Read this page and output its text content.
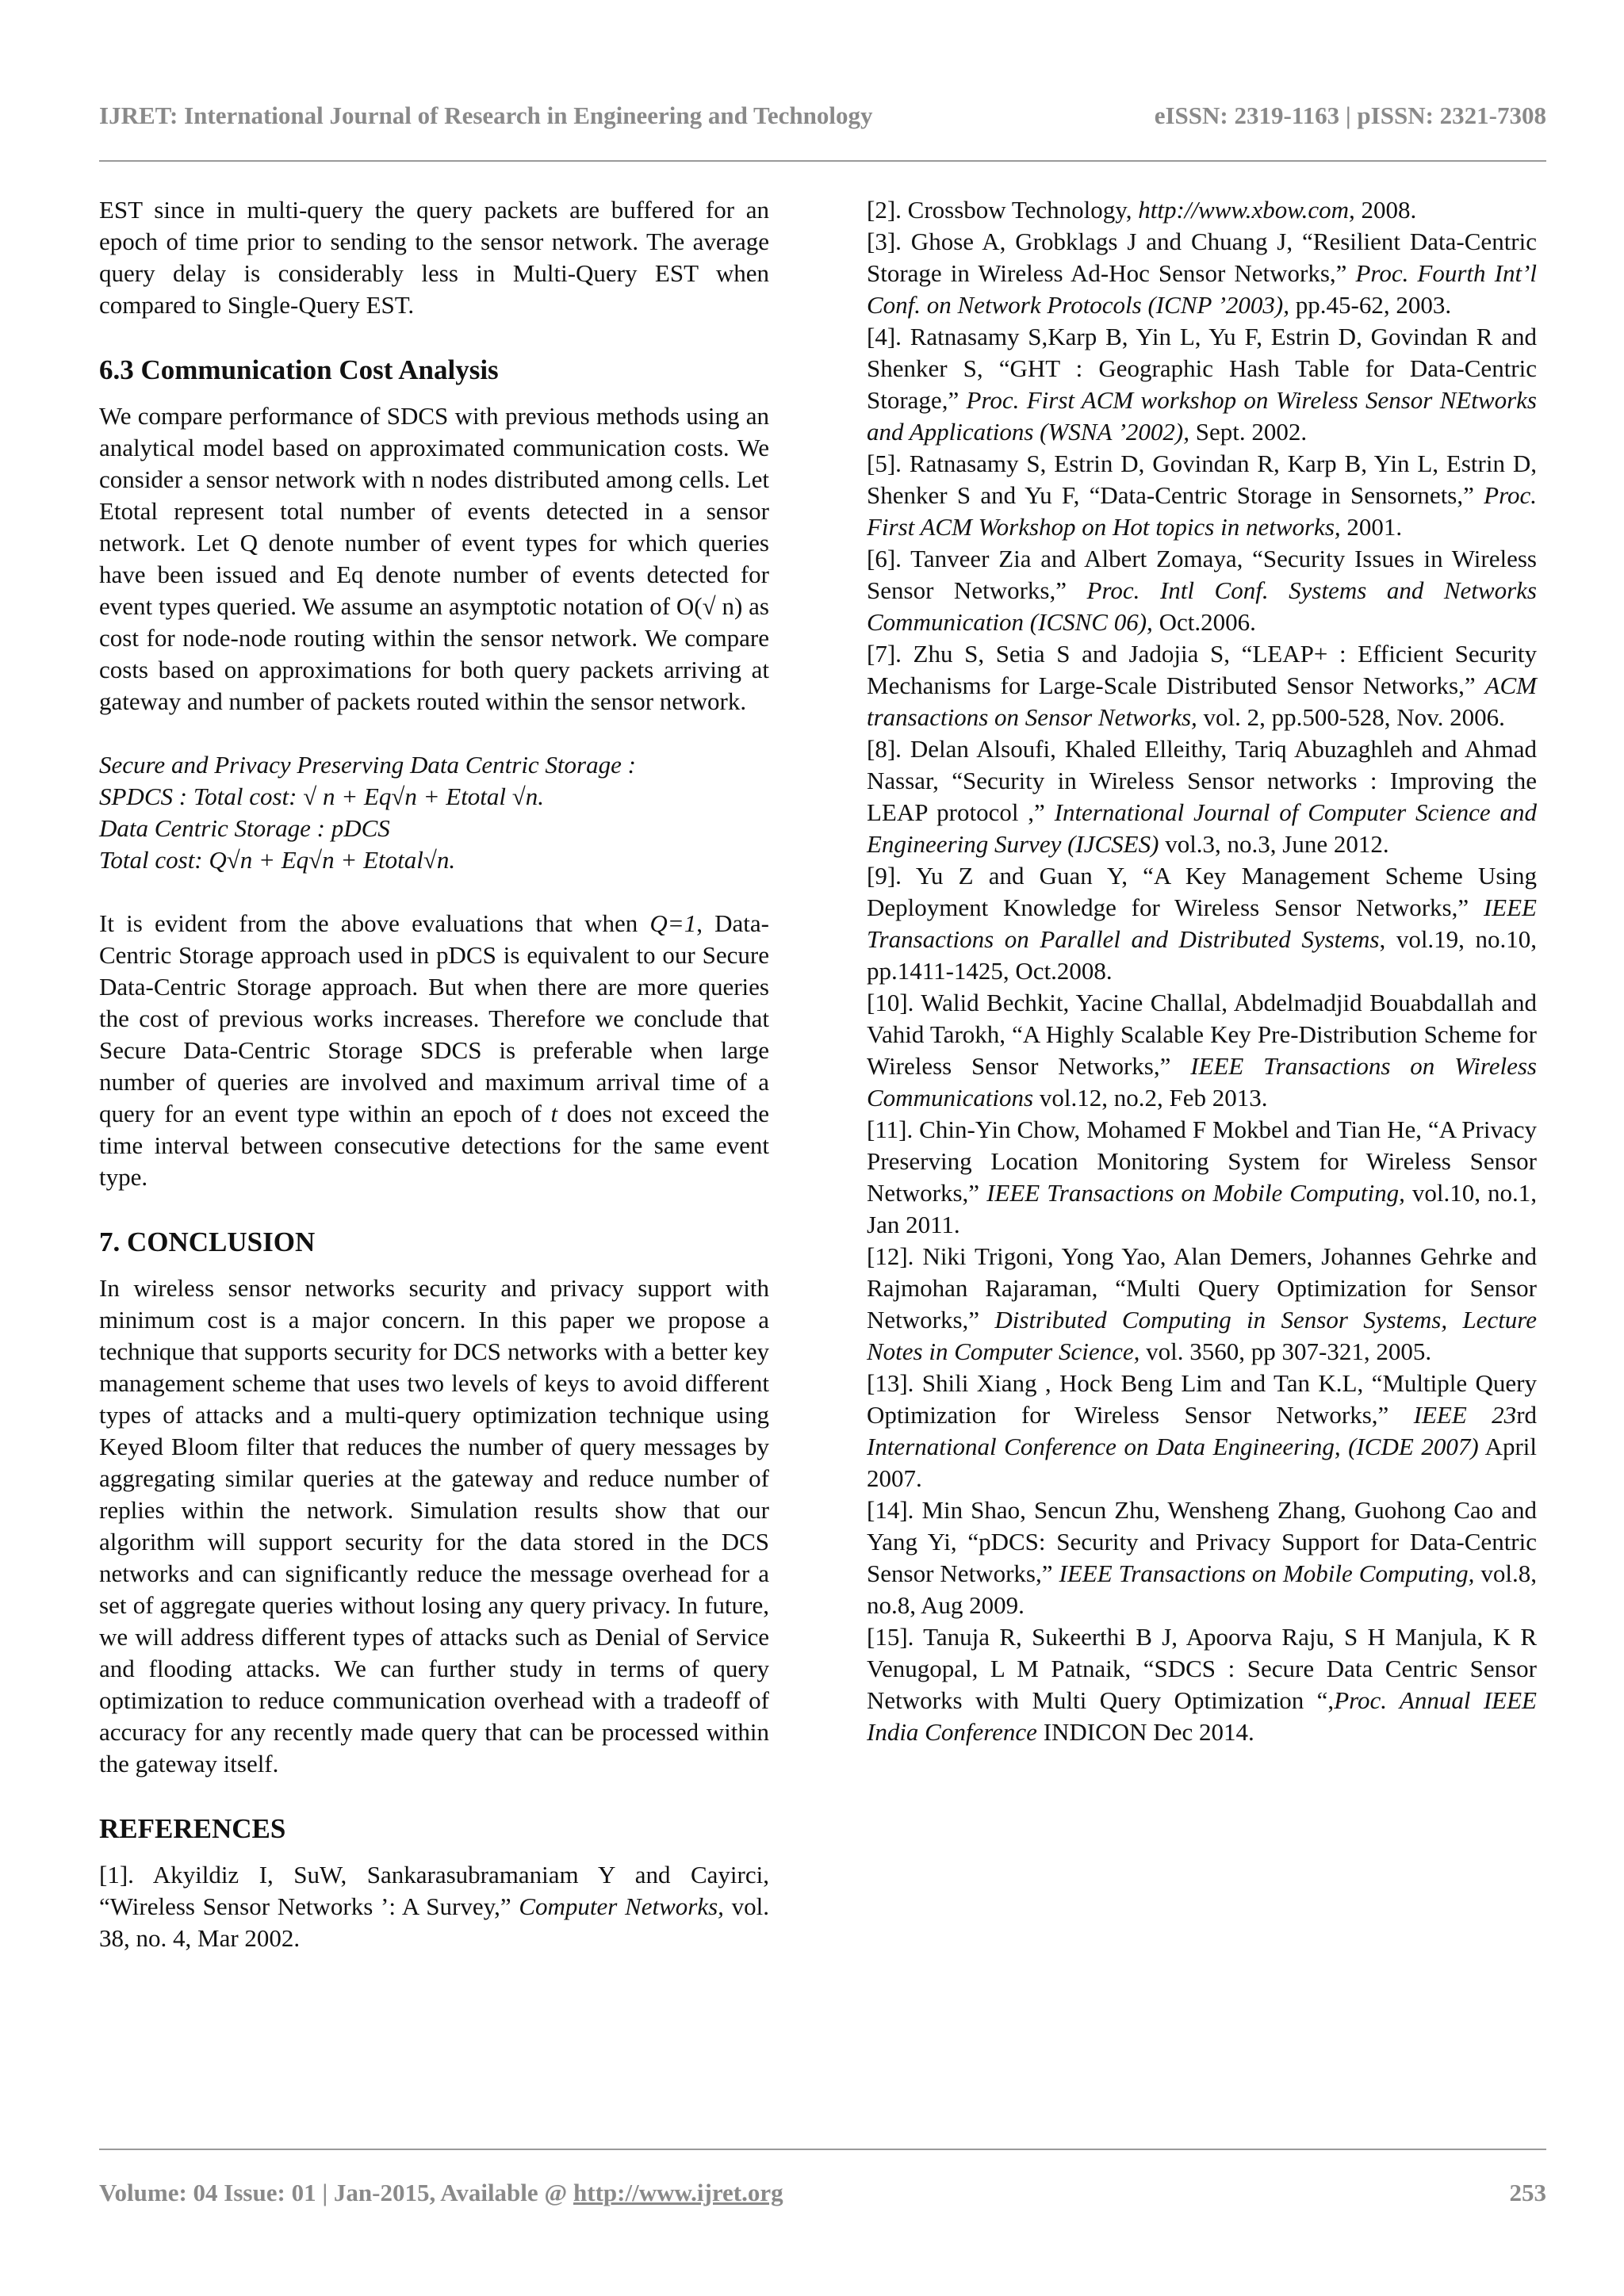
IJRET: International Journal of Research in Engineering and Technology	eISSN: 2319-1163 | pISSN: 2321-7308

EST since in multi-query the query packets are buffered for an epoch of time prior to sending to the sensor network. The average query delay is considerably less in Multi-Query EST when compared to Single-Query EST.

6.3 Communication Cost Analysis

We compare performance of SDCS with previous methods using an analytical model based on approximated communication costs. We consider a sensor network with n nodes distributed among cells. Let Etotal represent total number of events detected in a sensor network. Let Q denote number of event types for which queries have been issued and Eq denote number of events detected for event types queried. We assume an asymptotic notation of O(√ n) as cost for node-node routing within the sensor network. We compare costs based on approximations for both query packets arriving at gateway and number of packets routed within the sensor network.

Secure and Privacy Preserving Data Centric Storage :
SPDCS : Total cost: √ n + Eq√n + Etotal √n.
Data Centric Storage : pDCS
Total cost: Q√n + Eq√n + Etotal√n.

It is evident from the above evaluations that when Q=1, Data-Centric Storage approach used in pDCS is equivalent to our Secure Data-Centric Storage approach. But when there are more queries the cost of previous works increases. Therefore we conclude that Secure Data-Centric Storage SDCS is preferable when large number of queries are involved and maximum arrival time of a query for an event type within an epoch of t does not exceed the time interval between consecutive detections for the same event type.

7. CONCLUSION

In wireless sensor networks security and privacy support with minimum cost is a major concern. In this paper we propose a technique that supports security for DCS networks with a better key management scheme that uses two levels of keys to avoid different types of attacks and a multi-query optimization technique using Keyed Bloom filter that reduces the number of query messages by aggregating similar queries at the gateway and reduce number of replies within the network. Simulation results show that our algorithm will support security for the data stored in the DCS networks and can significantly reduce the message overhead for a set of aggregate queries without losing any query privacy. In future, we will address different types of attacks such as Denial of Service and flooding attacks. We can further study in terms of query optimization to reduce communication overhead with a tradeoff of accuracy for any recently made query that can be processed within the gateway itself.

REFERENCES

[1]. Akyildiz I, SuW, Sankarasubramaniam Y and Cayirci, “Wireless Sensor Networks ’: A Survey,” Computer Networks, vol. 38, no. 4, Mar 2002.

[2]. Crossbow Technology, http://www.xbow.com, 2008.

[3]. Ghose A, Grobklags J and Chuang J, “Resilient Data-Centric Storage in Wireless Ad-Hoc Sensor Networks,” Proc. Fourth Int’l Conf. on Network Protocols (ICNP ’2003), pp.45-62, 2003.

[4]. Ratnasamy S,Karp B, Yin L, Yu F, Estrin D, Govindan R and Shenker S, “GHT : Geographic Hash Table for Data-Centric Storage,” Proc. First ACM workshop on Wireless Sensor NEtworks and Applications (WSNA ’2002), Sept. 2002.

[5]. Ratnasamy S, Estrin D, Govindan R, Karp B, Yin L, Estrin D, Shenker S and Yu F, “Data-Centric Storage in Sensornets,” Proc. First ACM Workshop on Hot topics in networks, 2001.

[6]. Tanveer Zia and Albert Zomaya, “Security Issues in Wireless Sensor Networks,” Proc. Intl Conf. Systems and Networks Communication (ICSNC 06), Oct.2006.

[7]. Zhu S, Setia S and Jadojia S, “LEAP+ : Efficient Security Mechanisms for Large-Scale Distributed Sensor Networks,” ACM transactions on Sensor Networks, vol. 2, pp.500-528, Nov. 2006.

[8]. Delan Alsoufi, Khaled Elleithy, Tariq Abuzaghleh and Ahmad Nassar, “Security in Wireless Sensor networks : Improving the LEAP protocol ,” International Journal of Computer Science and Engineering Survey (IJCSES) vol.3, no.3, June 2012.

[9]. Yu Z and Guan Y, “A Key Management Scheme Using Deployment Knowledge for Wireless Sensor Networks,” IEEE Transactions on Parallel and Distributed Systems, vol.19, no.10, pp.1411-1425, Oct.2008.

[10]. Walid Bechkit, Yacine Challal, Abdelmadjid Bouabdallah and Vahid Tarokh, “A Highly Scalable Key Pre-Distribution Scheme for Wireless Sensor Networks,” IEEE Transactions on Wireless Communications vol.12, no.2, Feb 2013.

[11]. Chin-Yin Chow, Mohamed F Mokbel and Tian He, “A Privacy Preserving Location Monitoring System for Wireless Sensor Networks,” IEEE Transactions on Mobile Computing, vol.10, no.1, Jan 2011.

[12]. Niki Trigoni, Yong Yao, Alan Demers, Johannes Gehrke and Rajmohan Rajaraman, “Multi Query Optimization for Sensor Networks,” Distributed Computing in Sensor Systems, Lecture Notes in Computer Science, vol. 3560, pp 307-321, 2005.

[13]. Shili Xiang , Hock Beng Lim and Tan K.L, “Multiple Query Optimization for Wireless Sensor Networks,” IEEE 23rd International Conference on Data Engineering, (ICDE 2007) April 2007.

[14]. Min Shao, Sencun Zhu, Wensheng Zhang, Guohong Cao and Yang Yi, “pDCS: Security and Privacy Support for Data-Centric Sensor Networks,” IEEE Transactions on Mobile Computing, vol.8, no.8, Aug 2009.

[15]. Tanuja R, Sukeerthi B J, Apoorva Raju, S H Manjula, K R Venugopal, L M Patnaik, “SDCS : Secure Data Centric Sensor Networks with Multi Query Optimization “,Proc. Annual IEEE India Conference INDICON Dec 2014.

Volume: 04 Issue: 01 | Jan-2015, Available @ http://www.ijret.org	253
